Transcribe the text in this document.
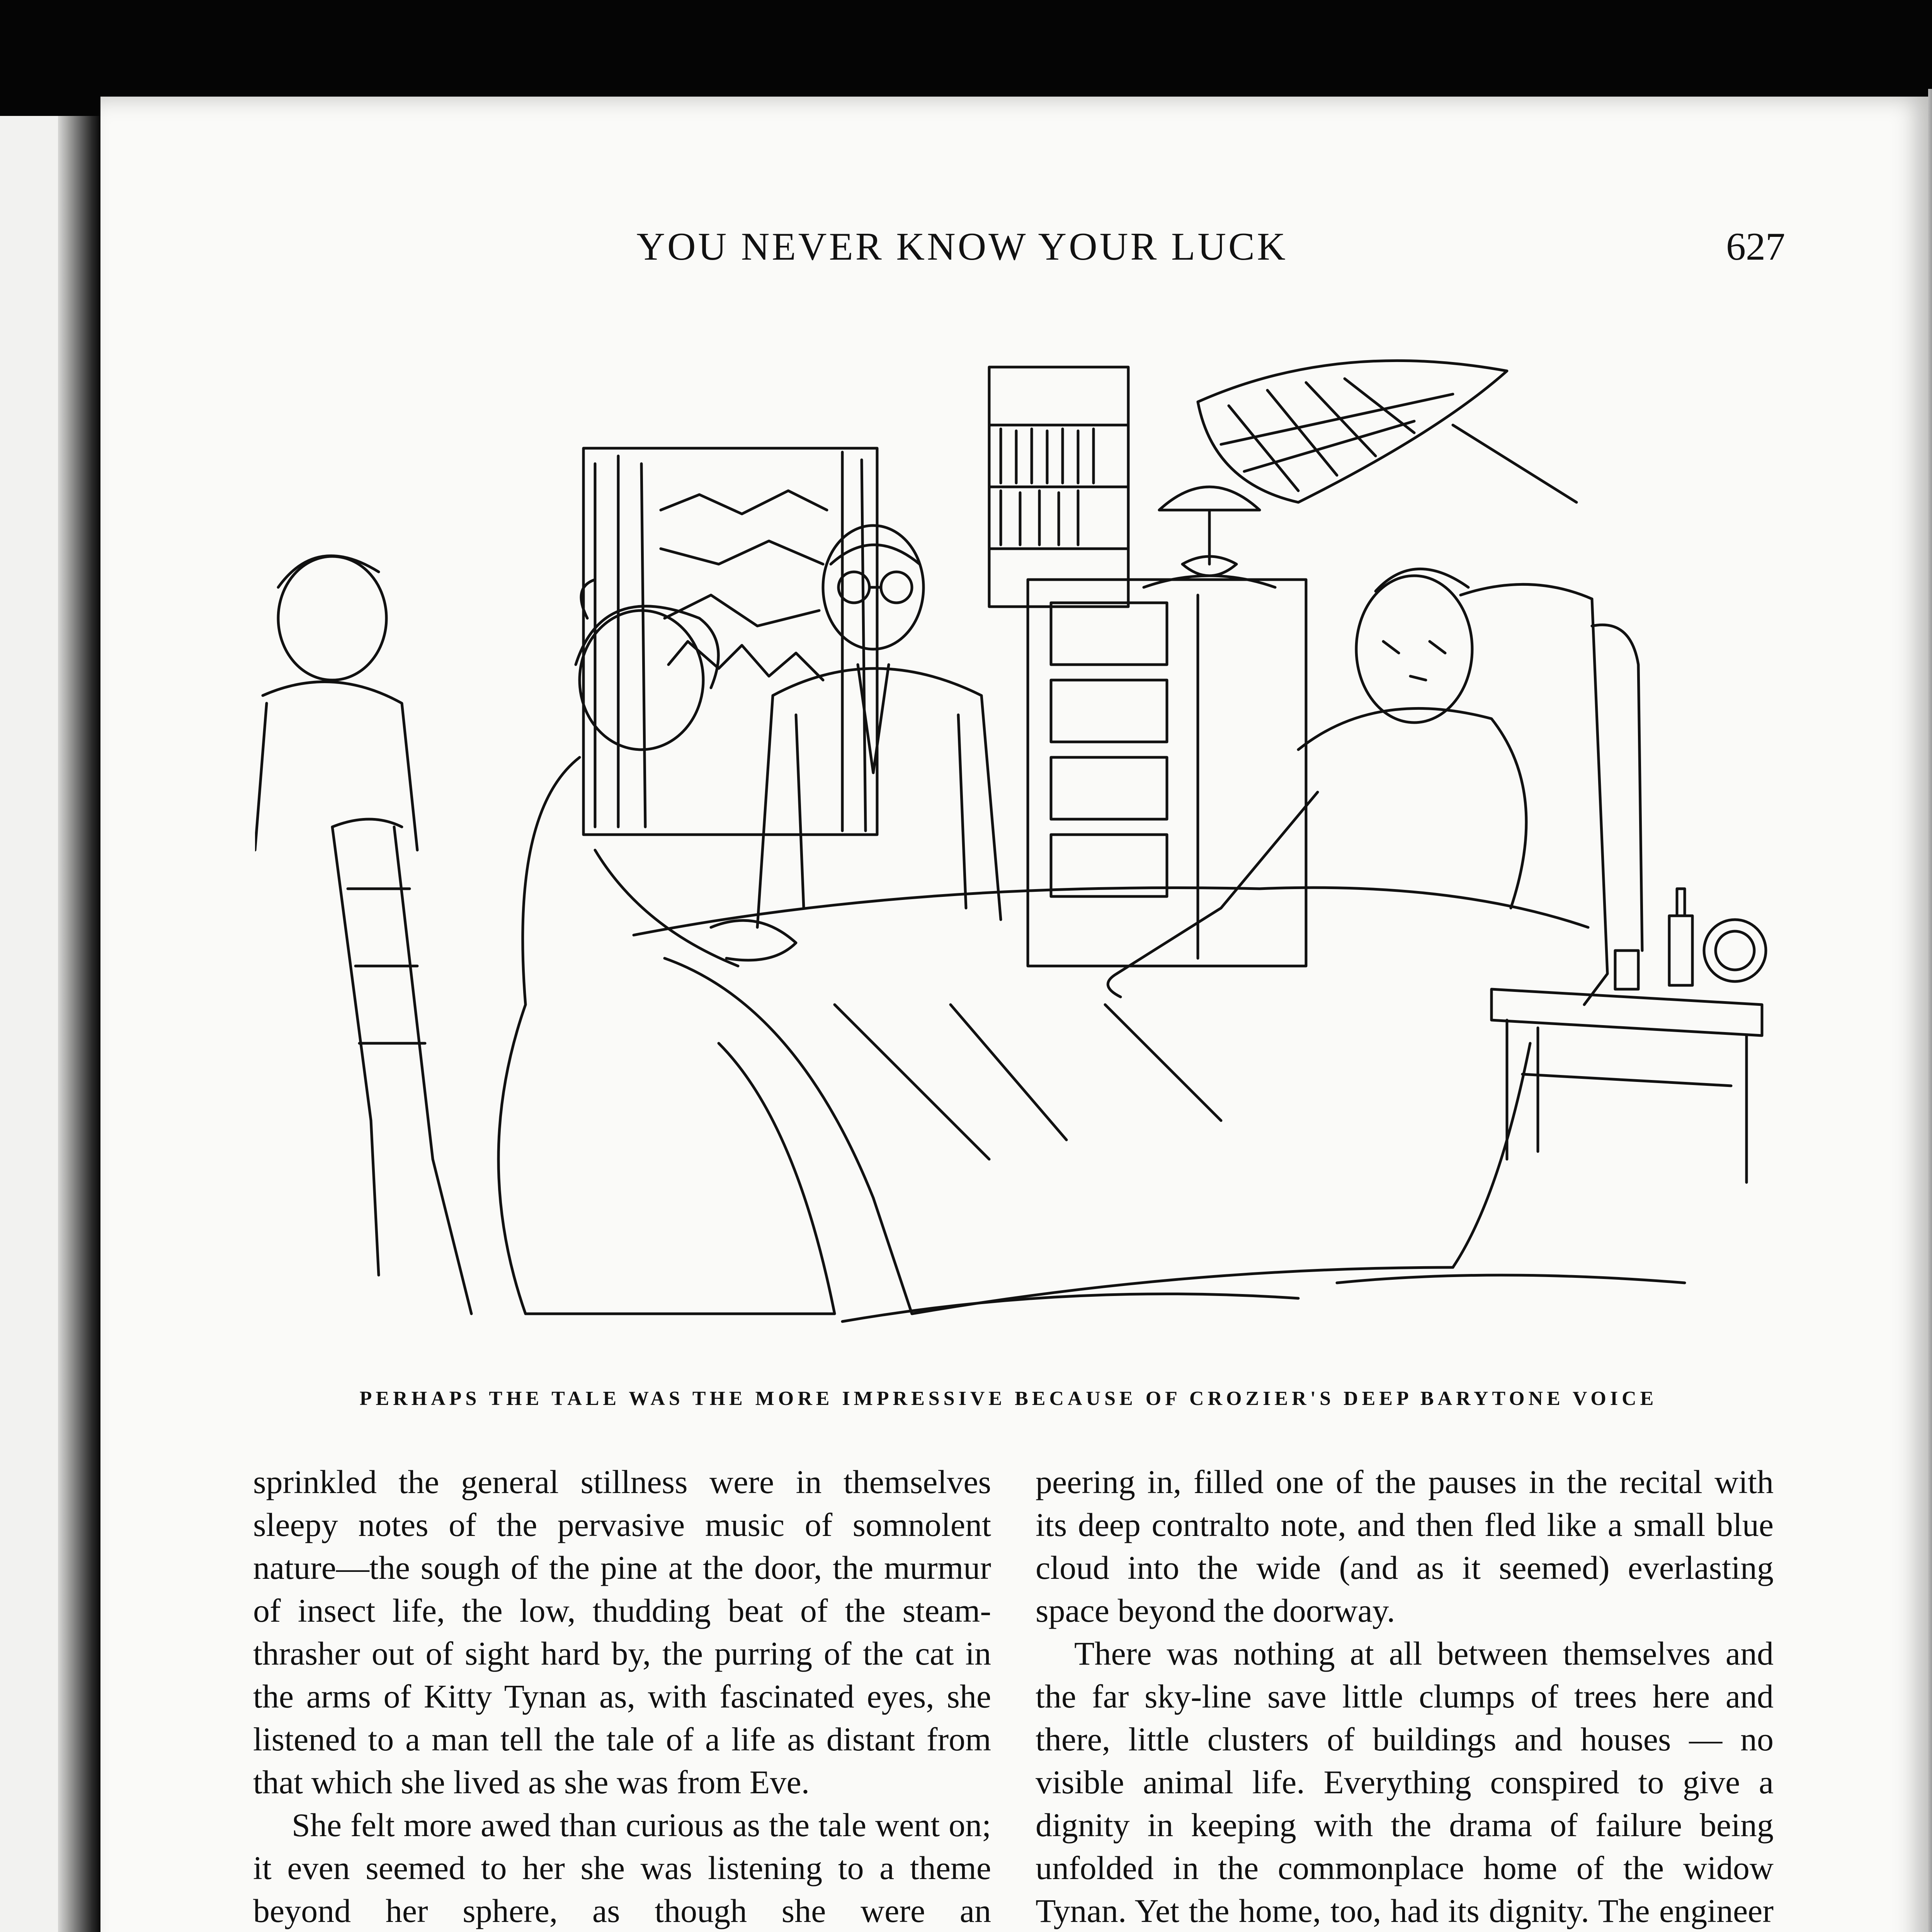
YOU NEVER KNOW YOUR LUCK	627
PERHAPS THE TALE WAS THE MORE IMPRESSIVE BECAUSE OF CROZIER'S DEEP BARYTONE VOICE

sprinkled the general stillness were in themselves sleepy notes of the pervasive music of somnolent nature—the sough of the pine at the door, the murmur of insect life, the low, thudding beat of the steam-thrasher out of sight hard by, the purring of the cat in the arms of Kitty Tynan as, with fascinated eyes, she listened to a man tell the tale of a life as distant from that which she lived as she was from Eve.

She felt more awed than curious as the tale went on; it even seemed to her she was listening to a theme beyond her sphere, as though she were an

peering in, filled one of the pauses in the recital with its deep contralto note, and then fled like a small blue cloud into the wide (and as it seemed) everlasting space beyond the doorway.

There was nothing at all between themselves and the far sky-line save little clumps of trees here and there, little clusters of buildings and houses — no visible animal life. Everything conspired to give a dignity in keeping with the drama of failure being unfolded in the commonplace home of the widow Tynan. Yet the home, too, had its dignity. The engineer
